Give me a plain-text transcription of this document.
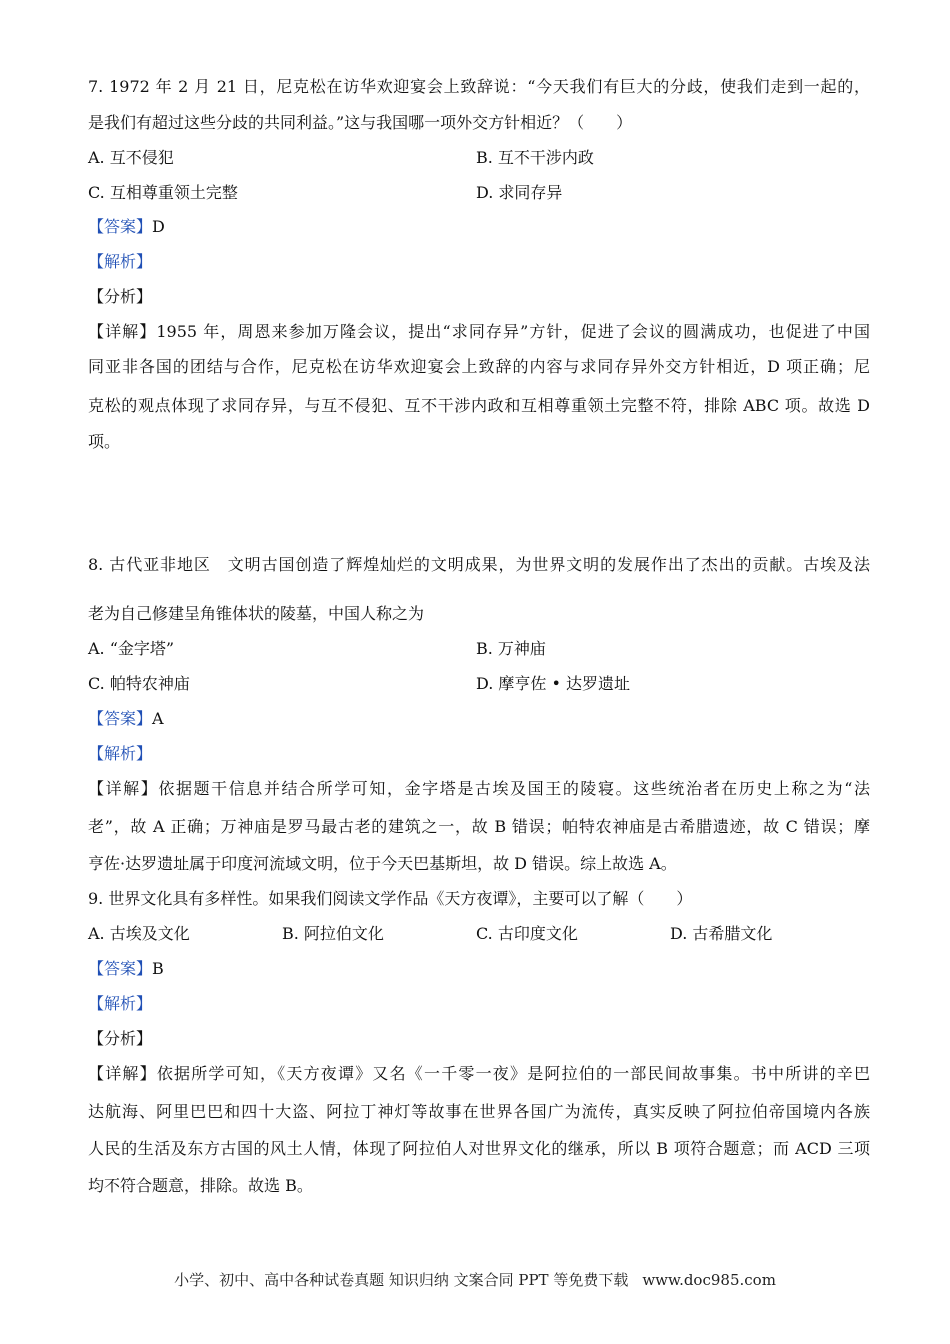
7. 1972 年 2 月 21 日，尼克松在访华欢迎宴会上致辞说：“今天我们有巨大的分歧，使我们走到一起的，
是我们有超过这些分歧的共同利益。”这与我国哪一项外交方针相近？（　　）
A. 互不侵犯	B. 互不干涉内政
C. 互相尊重领土完整	D. 求同存异
【答案】D
【解析】
【分析】
【详解】1955 年，周恩来参加万隆会议，提出“求同存异”方针，促进了会议的圆满成功，也促进了中国
同亚非各国的团结与合作，尼克松在访华欢迎宴会上致辞的内容与求同存异外交方针相近，D 项正确；尼
克松的观点体现了求同存异，与互不侵犯、互不干涉内政和互相尊重领土完整不符，排除 ABC 项。故选 D
项。
8. 古代亚非地区　文明古国创造了辉煌灿烂的文明成果，为世界文明的发展作出了杰出的贡献。古埃及法
老为自己修建呈角锥体状的陵墓，中国人称之为
A. “金字塔”	B. 万神庙
C. 帕特农神庙	D. 摩亨佐 • 达罗遗址
【答案】A
【解析】
【详解】依据题干信息并结合所学可知，金字塔是古埃及国王的陵寝。这些统治者在历史上称之为“法
老”，故 A 正确；万神庙是罗马最古老的建筑之一，故 B 错误；帕特农神庙是古希腊遗迹，故 C 错误；摩
亨佐·达罗遗址属于印度河流域文明，位于今天巴基斯坦，故 D 错误。综上故选 A。
9. 世界文化具有多样性。如果我们阅读文学作品《天方夜谭》，主要可以了解（　　）
A. 古埃及文化	B. 阿拉伯文化	C. 古印度文化	D. 古希腊文化
【答案】B
【解析】
【分析】
【详解】依据所学可知，《天方夜谭》又名《一千零一夜》是阿拉伯的一部民间故事集。书中所讲的辛巴
达航海、阿里巴巴和四十大盗、阿拉丁神灯等故事在世界各国广为流传，真实反映了阿拉伯帝国境内各族
人民的生活及东方古国的风土人情，体现了阿拉伯人对世界文化的继承，所以 B 项符合题意；而 ACD 三项
均不符合题意，排除。故选 B。
小学、初中、高中各种试卷真题 知识归纳 文案合同 PPT 等免费下载 www.doc985.com
